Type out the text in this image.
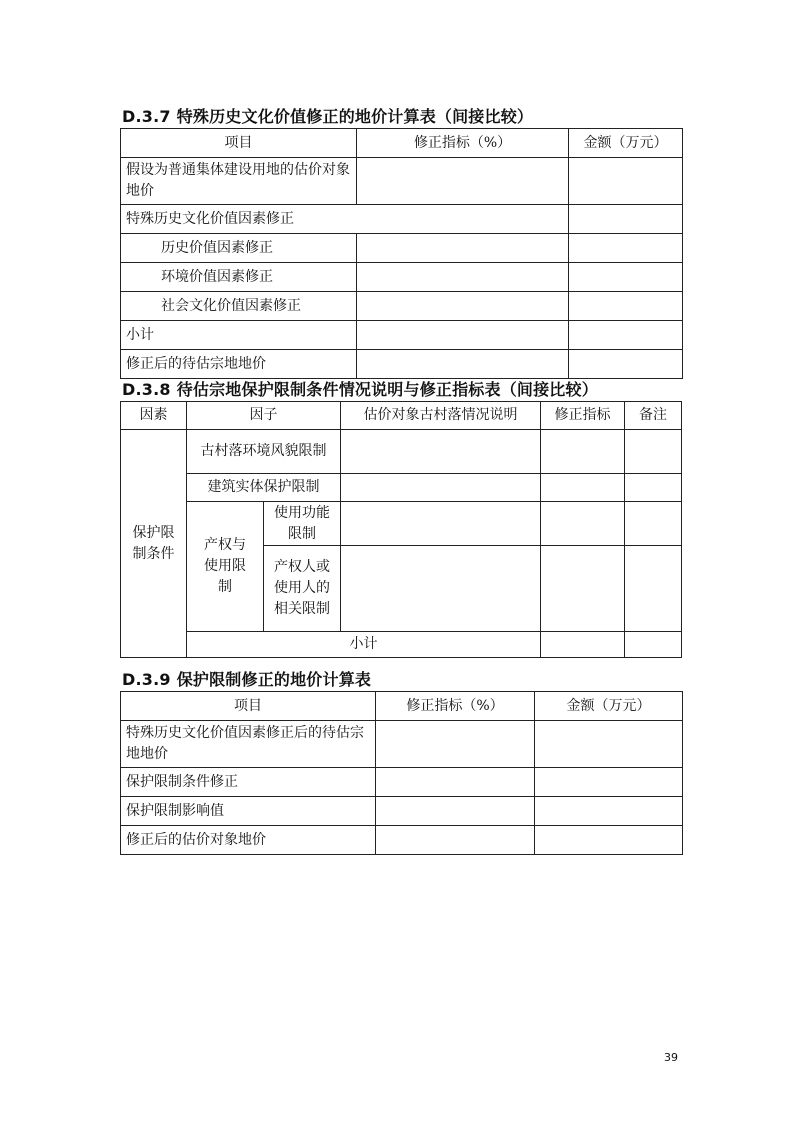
D.3.7 特殊历史文化价值修正的地价计算表（间接比较）
项目	修正指标（%）	金额（万元）
假设为普通集体建设用地的估价对象地价		
特殊历史文化价值因素修正		
历史价值因素修正		
环境价值因素修正		
社会文化价值因素修正		
小计		
修正后的待估宗地地价		
D.3.8 待估宗地保护限制条件情况说明与修正指标表（间接比较）
因素	因子		估价对象古村落情况说明	修正指标	备注	
保护限制条件	古村落环境风貌限制					
	建筑实体保护限制					
	产权与使用限制	使用功能限制				
		产权人或使用人的相关限制				
	小计					
D.3.9 保护限制修正的地价计算表
项目	修正指标（%）	金额（万元）
特殊历史文化价值因素修正后的待估宗地地价		
保护限制条件修正		
保护限制影响值		
修正后的估价对象地价		
39
